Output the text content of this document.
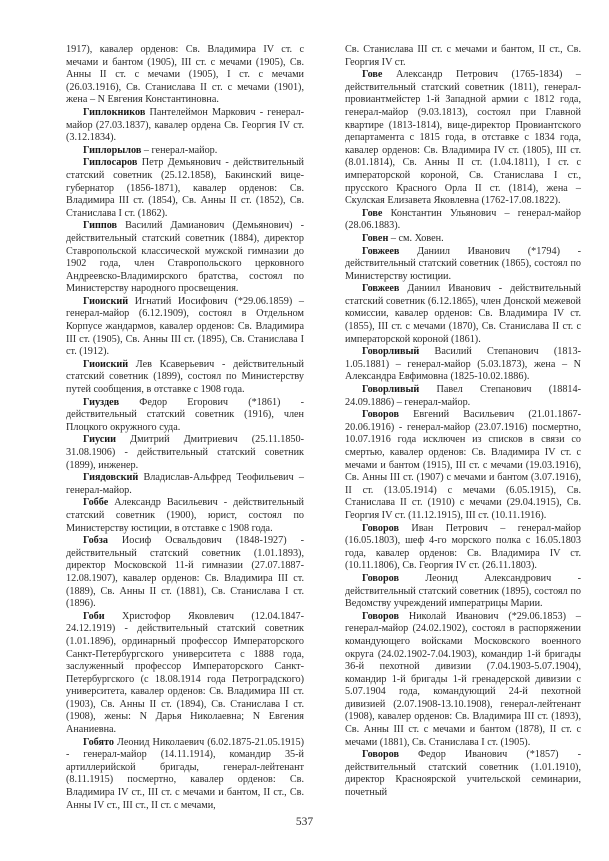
1917), кавалер орденов: Св. Владимира IV ст. с мечами и бантом (1905), III ст. с мечами (1905), Св. Анны II ст. с мечами (1905), I ст. с мечами (26.03.1916), Св. Станислава II ст. с мечами (1901), жена – N Евгения Константиновна.

Гиплокников Пантелеймон Маркович - генерал-майор (27.03.1837), кавалер ордена Св. Георгия IV ст. (3.12.1834).

Гиплорылов – генерал-майор.

Гиплосаров Петр Демьянович - действительный статский советник (25.12.1858), Бакинский вице-губернатор (1856-1871), кавалер орденов: Св. Владимира III ст. (1854), Св. Анны II ст. (1852), Св. Станислава I ст. (1862).

Гиппов Василий Дамианович (Демьянович) - действительный статский советник (1884), директор Ставропольской классической мужской гимназии до 1902 года, член Ставропольского церковного Андреевско-Владимирского братства, состоял по Министерству народного просвещения.

Гиоиский Игнатий Иосифович (*29.06.1859) – генерал-майор (6.12.1909), состоял в Отдельном Корпусе жандармов, кавалер орденов: Св. Владимира III ст. (1905), Св. Анны III ст. (1895), Св. Станислава I ст. (1912).

Гиоиский Лев Ксаверьевич - действительный статский советник (1899), состоял по Министерству путей сообщения, в отставке с 1908 года.

Гиуздев Федор Егорович (*1861) - действительный статский советник (1916), член Плоцкого окружного суда.

Гиусии Дмитрий Дмитриевич (25.11.1850-31.08.1906) - действительный статский советник (1899), инженер.

Гиядовский Владислав-Альфред Теофильевич – генерал-майор.

Гоббе Александр Васильевич - действительный статский советник (1900), юрист, состоял по Министерству юстиции, в отставке с 1908 года.

Гобза Иосиф Освальдович (1848-1927) - действительный статский советник (1.01.1893), директор Московской 11-й гимназии (27.07.1887-12.08.1907), кавалер орденов: Св. Владимира III ст. (1889), Св. Анны II ст. (1881), Св. Станислава I ст. (1896).

Гоби Христофор Яковлевич (12.04.1847-24.12.1919) - действительный статский советник (1.01.1896), ординарный профессор Императорского Санкт-Петербургского университета с 1888 года, заслуженный профессор Императорского Санкт-Петербургского (с 18.08.1914 года Петроградского) университета, кавалер орденов: Св. Владимира III ст. (1903), Св. Анны II ст. (1894), Св. Станислава I ст. (1908), жены: N Дарья Николаевна; N Евгения Ананиевна.

Гобято Леонид Николаевич (6.02.1875-21.05.1915) - генерал-майор (14.11.1914), командир 35-й артиллерийской бригады, генерал-лейтенант (8.11.1915) посмертно, кавалер орденов: Св. Владимира IV ст., III ст. с мечами и бантом, II ст., Св. Анны IV ст., III ст., II ст. с мечами,

Св. Станислава III ст. с мечами и бантом, II ст., Св. Георгия IV ст.

Гове Александр Петрович (1765-1834) – действительный статский советник (1811), генерал-провиантмейстер 1-й Западной армии с 1812 года, генерал-майор (9.03.1813), состоял при Главной квартире (1813-1814), вице-директор Провиантского департамента с 1815 года, в отставке с 1834 года, кавалер орденов: Св. Владимира IV ст. (1805), III ст. (8.01.1814), Св. Анны II ст. (1.04.1811), I ст. с императорской короной, Св. Станислава I ст., прусского Красного Орла II ст. (1814), жена – Скулская Елизавета Яковлевна (1762-17.08.1822).

Гове Константин Ульянович – генерал-майор (28.06.1883).

Говен – см. Ховен.

Говжеев Даниил Иванович (*1794) - действительный статский советник (1865), состоял по Министерству юстиции.

Говжеев Даниил Иванович - действительный статский советник (6.12.1865), член Донской межевой комиссии, кавалер орденов: Св. Владимира IV ст. (1855), III ст. с мечами (1870), Св. Станислава II ст. с императорской короной (1861).

Говорливый Василий Степанович (1813-1.05.1881) – генерал-майор (5.03.1873), жена – N Александра Евфимовна (1825-10.02.1886).

Говорливый Павел Степанович (18814-24.09.1886) – генерал-майор.

Говоров Евгений Васильевич (21.01.1867-20.06.1916) - генерал-майор (23.07.1916) посмертно, 10.07.1916 года исключен из списков в связи со смертью, кавалер орденов: Св. Владимира IV ст. с мечами и бантом (1915), III ст. с мечами (19.03.1916), Св. Анны III ст. (1907) с мечами и бантом (3.07.1916), II ст. (13.05.1914) с мечами (6.05.1915), Св. Станислава II ст. (1910) с мечами (29.04.1915), Св. Георгия IV ст. (11.12.1915), III ст. (10.11.1916).

Говоров Иван Петрович – генерал-майор (16.05.1803), шеф 4-го морского полка с 16.05.1803 года, кавалер орденов: Св. Владимира IV ст. (10.11.1806), Св. Георгия IV ст. (26.11.1803).

Говоров Леонид Александрович - действительный статский советник (1895), состоял по Ведомству учреждений императрицы Марии.

Говоров Николай Иванович (*29.06.1853) – генерал-майор (24.02.1902), состоял в распоряжении командующего войсками Московского военного округа (24.02.1902-7.04.1903), командир 1-й бригады 36-й пехотной дивизии (7.04.1903-5.07.1904), командир 1-й бригады 1-й гренадерской дивизии с 5.07.1904 года, командующий 24-й пехотной дивизией (2.07.1908-13.10.1908), генерал-лейтенант (1908), кавалер орденов: Св. Владимира III ст. (1893), Св. Анны III ст. с мечами и бантом (1878), II ст. с мечами (1881), Св. Станислава I ст. (1905).

Говоров Федор Иванович (*1857) - действительный статский советник (1.01.1910), директор Красноярской учительской семинарии, почетный

537
